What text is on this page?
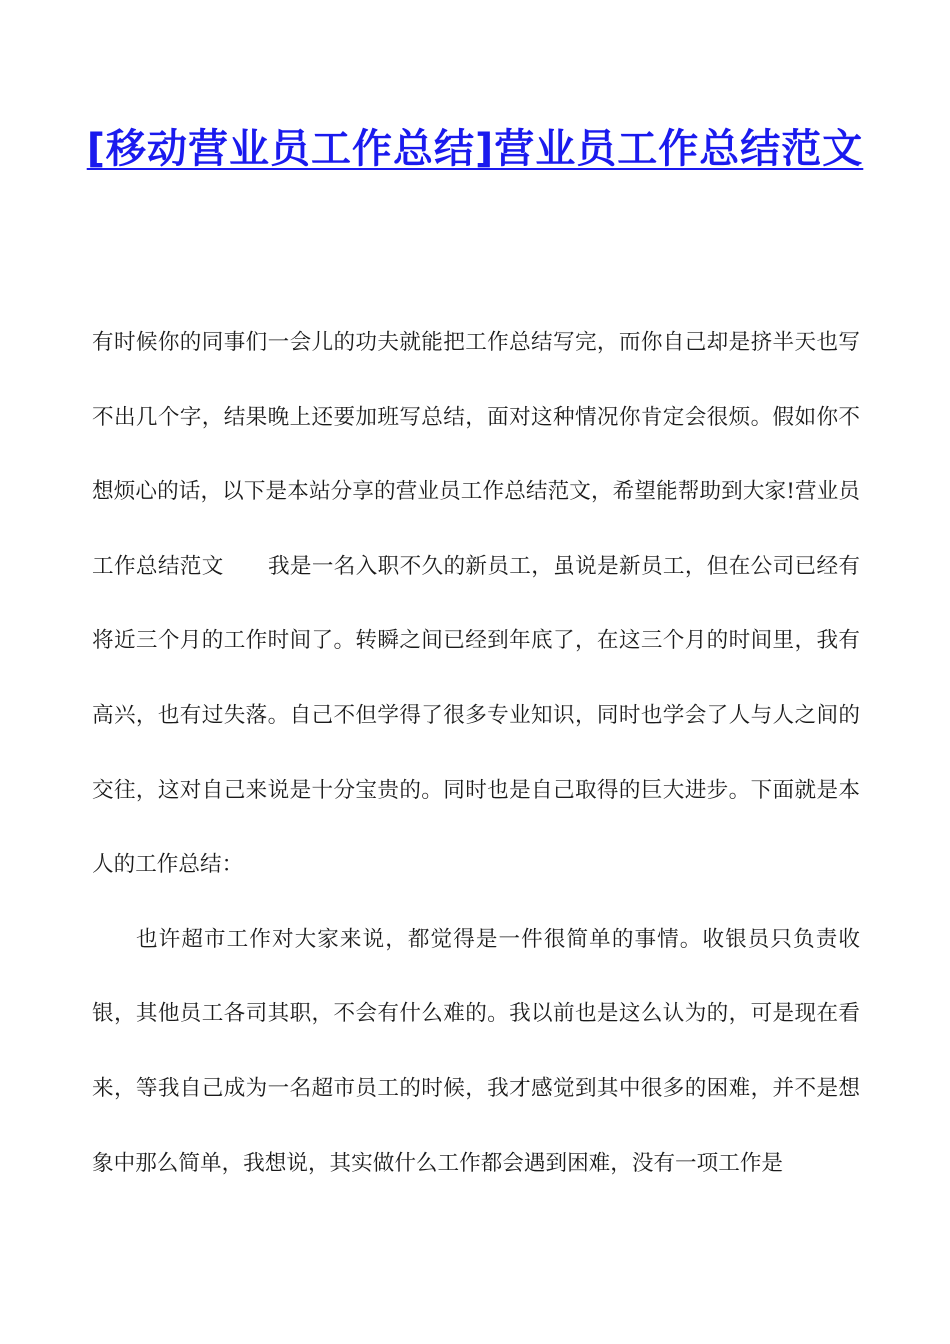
[移动营业员工作总结]营业员工作总结范文

有时候你的同事们一会儿的功夫就能把工作总结写完，而你自己却是挤半天也写不出几个字，结果晚上还要加班写总结，面对这种情况你肯定会很烦。假如你不想烦心的话，以下是本站分享的营业员工作总结范文，希望能帮助到大家!营业员工作总结范文 我是一名入职不久的新员工，虽说是新员工，但在公司已经有将近三个月的工作时间了。转瞬之间已经到年底了，在这三个月的时间里，我有高兴，也有过失落。自己不但学得了很多专业知识，同时也学会了人与人之间的交往，这对自己来说是十分宝贵的。同时也是自己取得的巨大进步。下面就是本人的工作总结：

也许超市工作对大家来说，都觉得是一件很简单的事情。收银员只负责收银，其他员工各司其职，不会有什么难的。我以前也是这么认为的，可是现在看来，等我自己成为一名超市员工的时候，我才感觉到其中很多的困难，并不是想象中那么简单，我想说，其实做什么工作都会遇到困难，没有一项工作是
